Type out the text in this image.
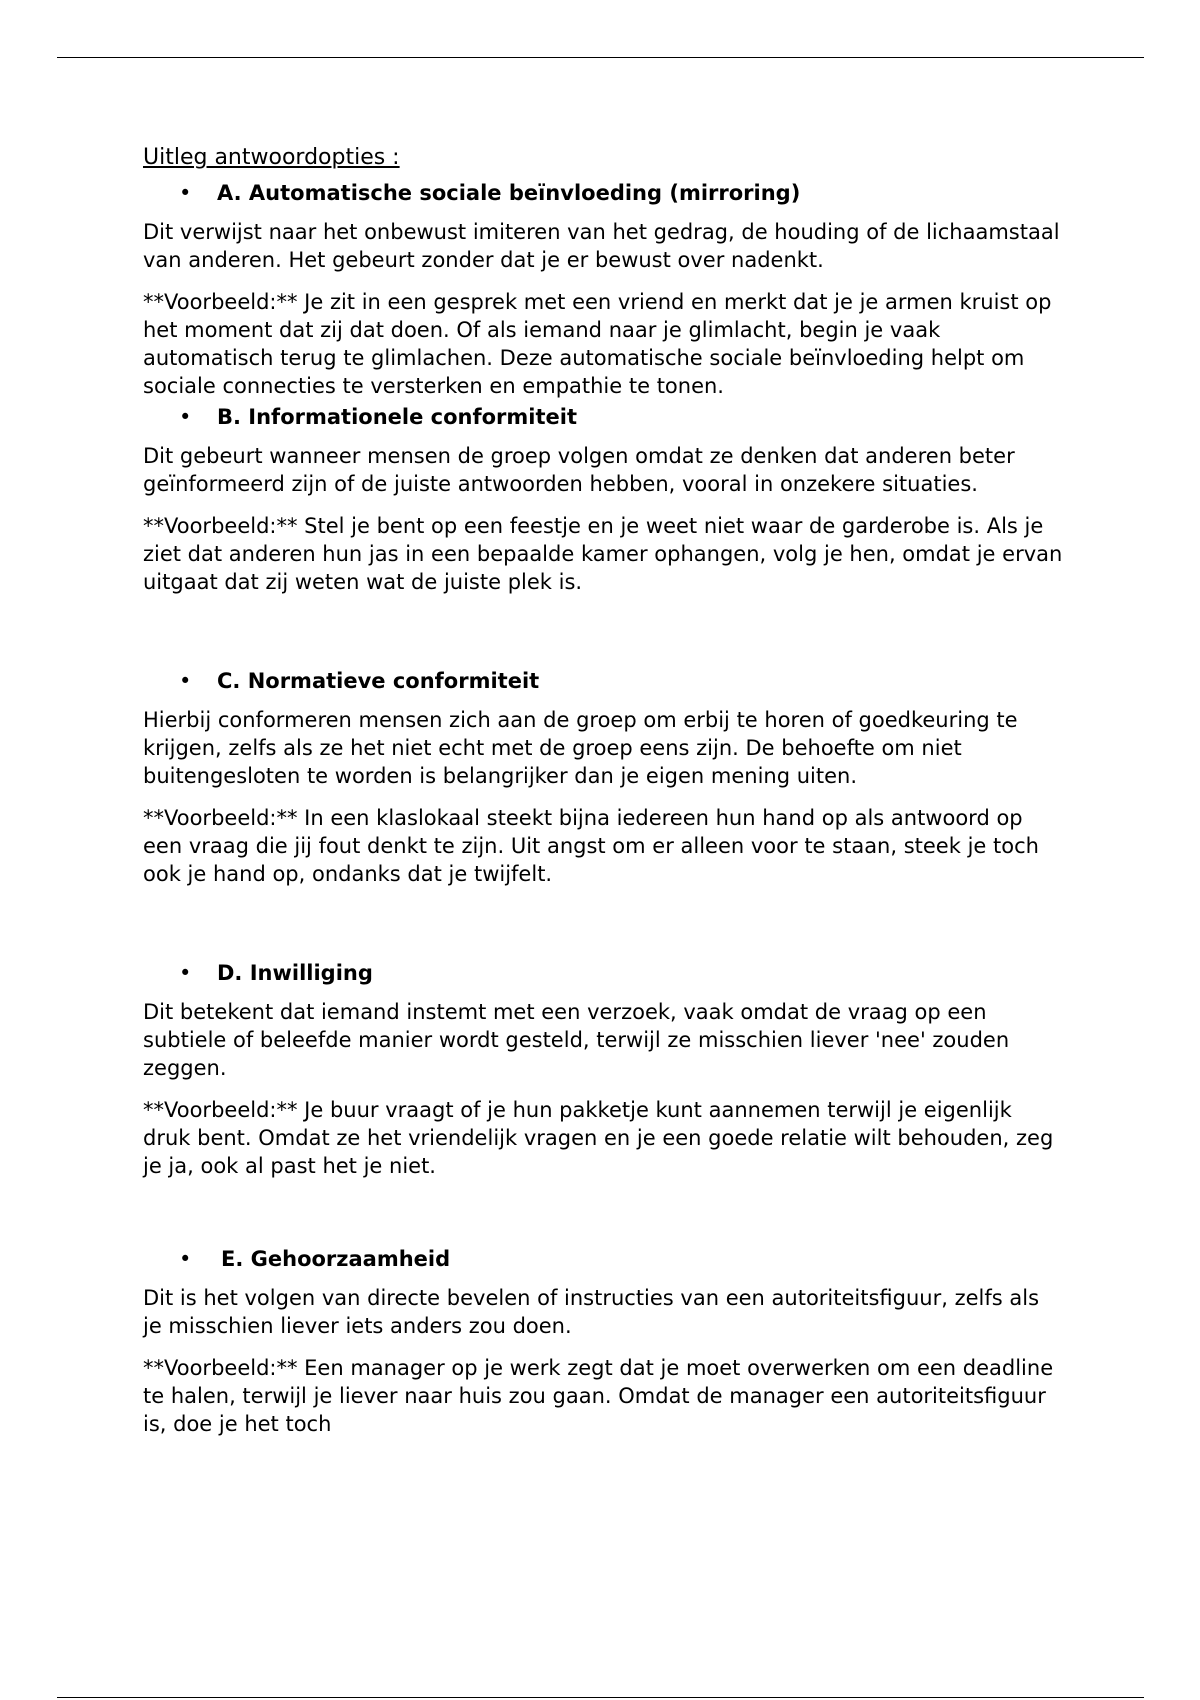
Uitleg antwoordopties :
• A. Automatische sociale beïnvloeding (mirroring)

Dit verwijst naar het onbewust imiteren van het gedrag, de houding of de lichaamstaal van anderen. Het gebeurt zonder dat je er bewust over nadenkt.

**Voorbeeld:** Je zit in een gesprek met een vriend en merkt dat je je armen kruist op het moment dat zij dat doen. Of als iemand naar je glimlacht, begin je vaak automatisch terug te glimlachen. Deze automatische sociale beïnvloeding helpt om sociale connecties te versterken en empathie te tonen.

• B. Informationele conformiteit

Dit gebeurt wanneer mensen de groep volgen omdat ze denken dat anderen beter geïnformeerd zijn of de juiste antwoorden hebben, vooral in onzekere situaties.

**Voorbeeld:** Stel je bent op een feestje en je weet niet waar de garderobe is. Als je ziet dat anderen hun jas in een bepaalde kamer ophangen, volg je hen, omdat je ervan uitgaat dat zij weten wat de juiste plek is.

• C. Normatieve conformiteit

Hierbij conformeren mensen zich aan de groep om erbij te horen of goedkeuring te krijgen, zelfs als ze het niet echt met de groep eens zijn. De behoefte om niet buitengesloten te worden is belangrijker dan je eigen mening uiten.

**Voorbeeld:** In een klaslokaal steekt bijna iedereen hun hand op als antwoord op een vraag die jij fout denkt te zijn. Uit angst om er alleen voor te staan, steek je toch ook je hand op, ondanks dat je twijfelt.

• D. Inwilliging

Dit betekent dat iemand instemt met een verzoek, vaak omdat de vraag op een subtiele of beleefde manier wordt gesteld, terwijl ze misschien liever 'nee' zouden zeggen.

**Voorbeeld:** Je buur vraagt of je hun pakketje kunt aannemen terwijl je eigenlijk druk bent. Omdat ze het vriendelijk vragen en je een goede relatie wilt behouden, zeg je ja, ook al past het je niet.

• E. Gehoorzaamheid

Dit is het volgen van directe bevelen of instructies van een autoriteitsfiguur, zelfs als je misschien liever iets anders zou doen.

**Voorbeeld:** Een manager op je werk zegt dat je moet overwerken om een deadline te halen, terwijl je liever naar huis zou gaan. Omdat de manager een autoriteitsfiguur is, doe je het toch
